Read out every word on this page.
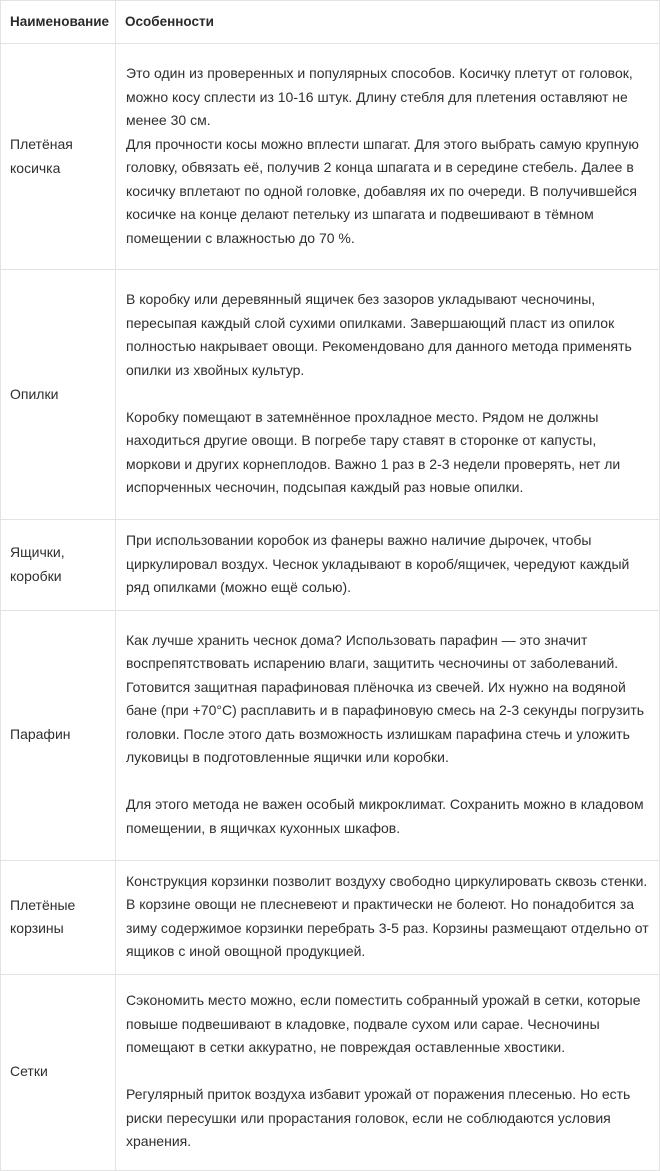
Наименование	Особенности
Плетёная косичка	Это один из проверенных и популярных способов. Косичку плетут от головок, можно косу сплести из 10-16 штук. Длину стебля для плетения оставляют не менее 30 см.

Для прочности косы можно вплести шпагат. Для этого выбрать самую крупную головку, обвязать её, получив 2 конца шпагата и в середине стебель. Далее в косичку вплетают по одной головке, добавляя их по очереди. В получившейся косичке на конце делают петельку из шпагата и подвешивают в тёмном помещении с влажностью до 70 %.

Опилки	В коробку или деревянный ящичек без зазоров укладывают чесночины, пересыпая каждый слой сухими опилками. Завершающий пласт из опилок полностью накрывает овощи. Рекомендовано для данного метода применять опилки из хвойных культур.

Коробку помещают в затемнённое прохладное место. Рядом не должны находиться другие овощи. В погребе тару ставят в сторонке от капусты, моркови и других корнеплодов. Важно 1 раз в 2-3 недели проверять, нет ли испорченных чесночин, подсыпая каждый раз новые опилки.

Ящички, коробки	При использовании коробок из фанеры важно наличие дырочек, чтобы циркулировал воздух. Чеснок укладывают в короб/ящичек, чередуют каждый ряд опилками (можно ещё солью).

Парафин	Как лучше хранить чеснок дома? Использовать парафин — это значит воспрепятствовать испарению влаги, защитить чесночины от заболеваний. Готовится защитная парафиновая плёночка из свечей. Их нужно на водяной бане (при +70°C) расплавить и в парафиновую смесь на 2-3 секунды погрузить головки. После этого дать возможность излишкам парафина стечь и уложить луковицы в подготовленные ящички или коробки.

Для этого метода не важен особый микроклимат. Сохранить можно в кладовом помещении, в ящичках кухонных шкафов.

Плетёные корзины	Конструкция корзинки позволит воздуху свободно циркулировать сквозь стенки. В корзине овощи не плесневеют и практически не болеют. Но понадобится за зиму содержимое корзинки перебрать 3-5 раз. Корзины размещают отдельно от ящиков с иной овощной продукцией.

Сетки	Сэкономить место можно, если поместить собранный урожай в сетки, которые повыше подвешивают в кладовке, подвале сухом или сарае. Чесночины помещают в сетки аккуратно, не повреждая оставленные хвостики.

Регулярный приток воздуха избавит урожай от поражения плесенью. Но есть риски пересушки или прорастания головок, если не соблюдаются условия хранения.
